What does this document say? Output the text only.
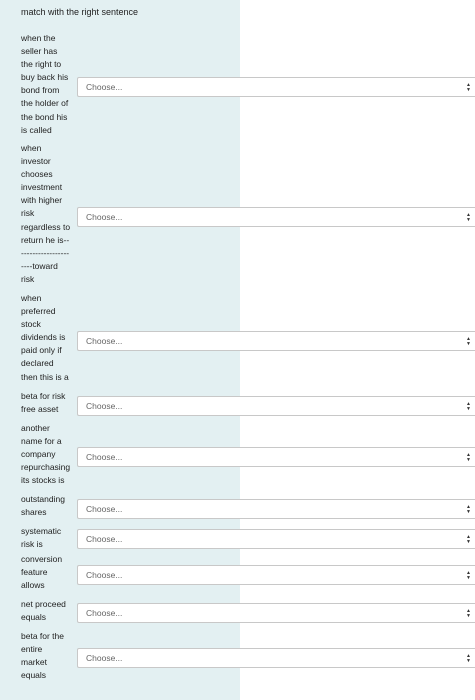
match with the right sentence
when the
seller has
the right to
buy back his
bond from
the holder of
the bond his
is called
Choose...	▲
▼
when
investor
chooses
investment
with higher
risk
regardless to
return he is--
-----------------
----toward
risk
Choose...	▲
▼
when
preferred
stock
dividends is
paid only if
declared
then this is a
Choose...	▲
▼
beta for risk
free asset	Choose...	▲
▼
another
name for a
company
repurchasing
its stocks is
Choose...	▲
▼
outstanding
shares	Choose...	▲
▼
systematic
risk is
Choose...	▲
▼
conversion
feature
allows
Choose...	▲
▼
net proceed
equals	Choose...	▲
▼
beta for the
entire
market
equals
Choose...	▲
▼
